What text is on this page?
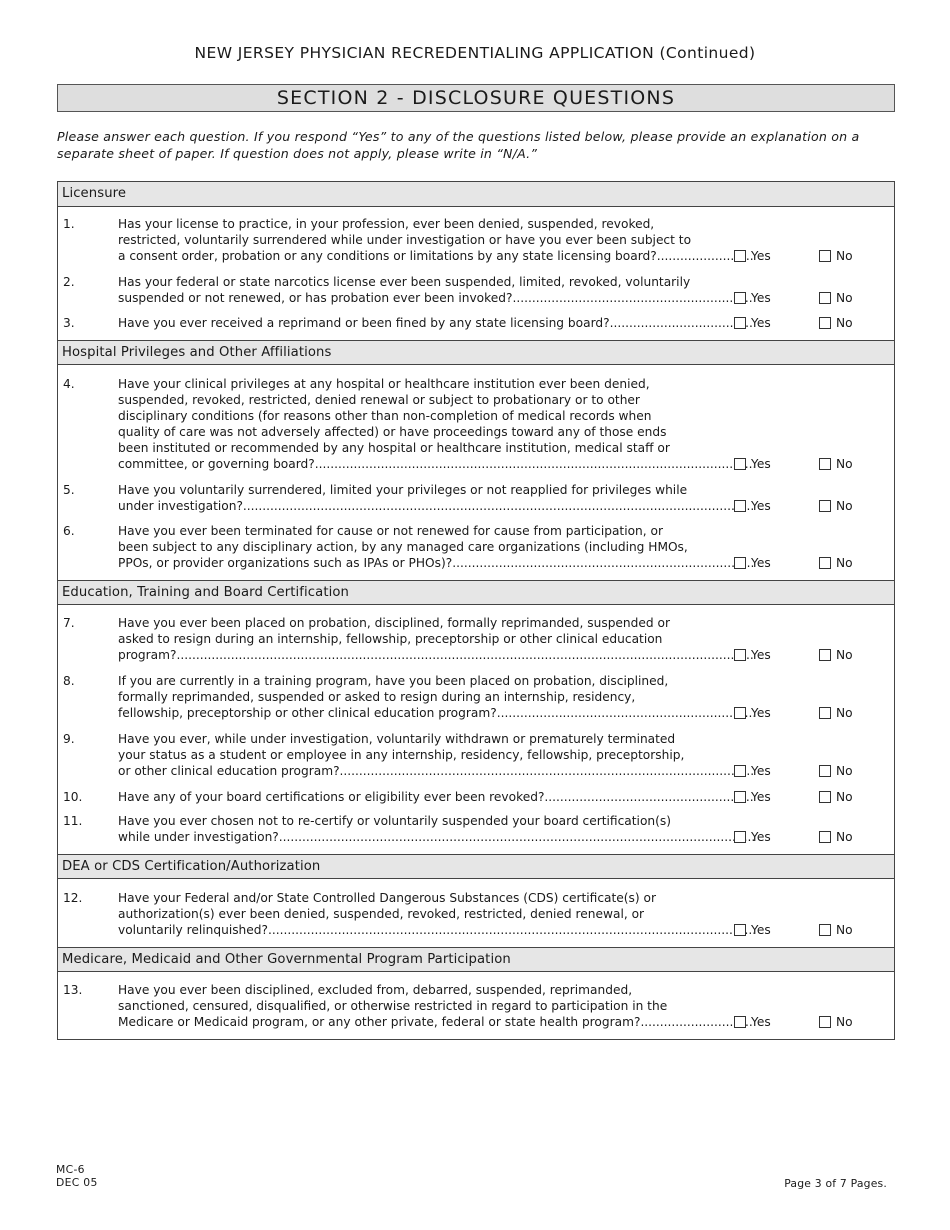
NEW JERSEY PHYSICIAN RECREDENTIALING APPLICATION (Continued)
SECTION 2 - DISCLOSURE QUESTIONS
Please answer each question. If you respond “Yes” to any of the questions listed below, please provide an explanation on a
separate sheet of paper. If question does not apply, please write in “N/A.”
Licensure
1.	Has your license to practice, in your profession, ever been denied, suspended, revoked,
restricted, voluntarily surrendered while under investigation or have you ever been subject to
a consent order, probation or any conditions or limitations by any state licensing board? .....	Yes	No
2.	Has your federal or state narcotics license ever been suspended, limited, revoked, voluntarily
suspended or not renewed, or has probation ever been invoked? .....	Yes	No
3.	Have you ever received a reprimand or been fined by any state licensing board? .....	Yes	No
Hospital Privileges and Other Affiliations
4.	Have your clinical privileges at any hospital or healthcare institution ever been denied,
suspended, revoked, restricted, denied renewal or subject to probationary or to other
disciplinary conditions (for reasons other than non-completion of medical records when
quality of care was not adversely affected) or have proceedings toward any of those ends
been instituted or recommended by any hospital or healthcare institution, medical staff or
committee, or governing board? .....	Yes	No
5.	Have you voluntarily surrendered, limited your privileges or not reapplied for privileges while
under investigation? .....	Yes	No
6.	Have you ever been terminated for cause or not renewed for cause from participation, or
been subject to any disciplinary action, by any managed care organizations (including HMOs,
PPOs, or provider organizations such as IPAs or PHOs)? .....	Yes	No
Education, Training and Board Certification
7.	Have you ever been placed on probation, disciplined, formally reprimanded, suspended or
asked to resign during an internship, fellowship, preceptorship or other clinical education
program? .....	Yes	No
8.	If you are currently in a training program, have you been placed on probation, disciplined,
formally reprimanded, suspended or asked to resign during an internship, residency,
fellowship, preceptorship or other clinical education program? .....	Yes	No
9.	Have you ever, while under investigation, voluntarily withdrawn or prematurely terminated
your status as a student or employee in any internship, residency, fellowship, preceptorship,
or other clinical education program? .....	Yes	No
10.	Have any of your board certifications or eligibility ever been revoked? .....	Yes	No
11.	Have you ever chosen not to re-certify or voluntarily suspended your board certification(s)
while under investigation? .....	Yes	No
DEA or CDS Certification/Authorization
12.	Have your Federal and/or State Controlled Dangerous Substances (CDS) certificate(s) or
authorization(s) ever been denied, suspended, revoked, restricted, denied renewal, or
voluntarily relinquished? .....	Yes	No
Medicare, Medicaid and Other Governmental Program Participation
13.	Have you ever been disciplined, excluded from, debarred, suspended, reprimanded,
sanctioned, censured, disqualified, or otherwise restricted in regard to participation in the
Medicare or Medicaid program, or any other private, federal or state health program? .....	Yes	No
MC-6
DEC 05	Page 3 of 7 Pages.
